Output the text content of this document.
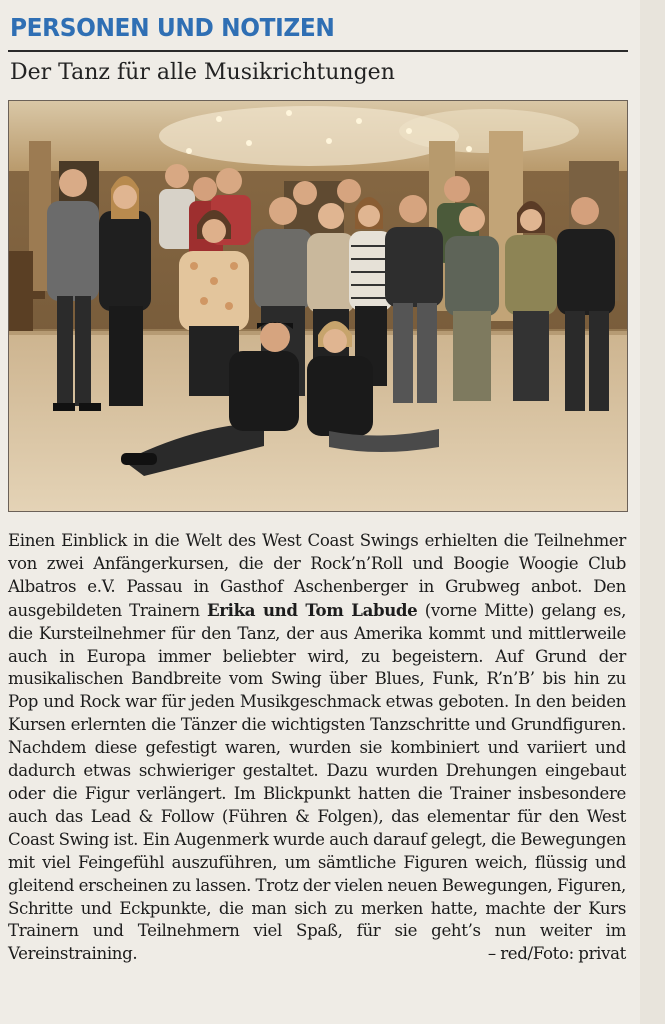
PERSONEN UND NOTIZEN
Der Tanz für alle Musikrichtungen
Einen Einblick in die Welt des West Coast Swings erhielten die Teilnehmer von zwei Anfängerkursen, die der Rock’n’Roll und Boogie Woogie Club Albatros e.V. Passau in Gasthof Aschenberger in Grubweg anbot. Den ausgebildeten Trainern Erika und Tom Labude (vorne Mitte) gelang es, die Kursteilnehmer für den Tanz, der aus Amerika kommt und mittlerweile auch in Europa immer beliebter wird, zu begeistern. Auf Grund der musikalischen Bandbreite vom Swing über Blues, Funk, R’n’B’ bis hin zu Pop und Rock war für jeden Musikgeschmack etwas geboten. In den beiden Kursen erlernten die Tänzer die wichtigsten Tanzschritte und Grundfiguren. Nachdem diese gefestigt waren, wurden sie kombiniert und variiert und dadurch etwas schwieriger gestaltet. Dazu wurden Drehungen eingebaut oder die Figur verlängert. Im Blickpunkt hatten die Trainer insbesondere auch das Lead & Follow (Führen & Folgen), das elementar für den West Coast Swing ist. Ein Augenmerk wurde auch darauf gelegt, die Bewegungen mit viel Feingefühl auszuführen, um sämtliche Figuren weich, flüssig und gleitend erscheinen zu lassen. Trotz der vielen neuen Bewegungen, Figuren, Schritte und Eckpunkte, die man sich zu merken hatte, machte der Kurs Trainern und Teilnehmern viel Spaß, für sie geht’s nun weiter im Vereinstraining.	– red/Foto: privat
